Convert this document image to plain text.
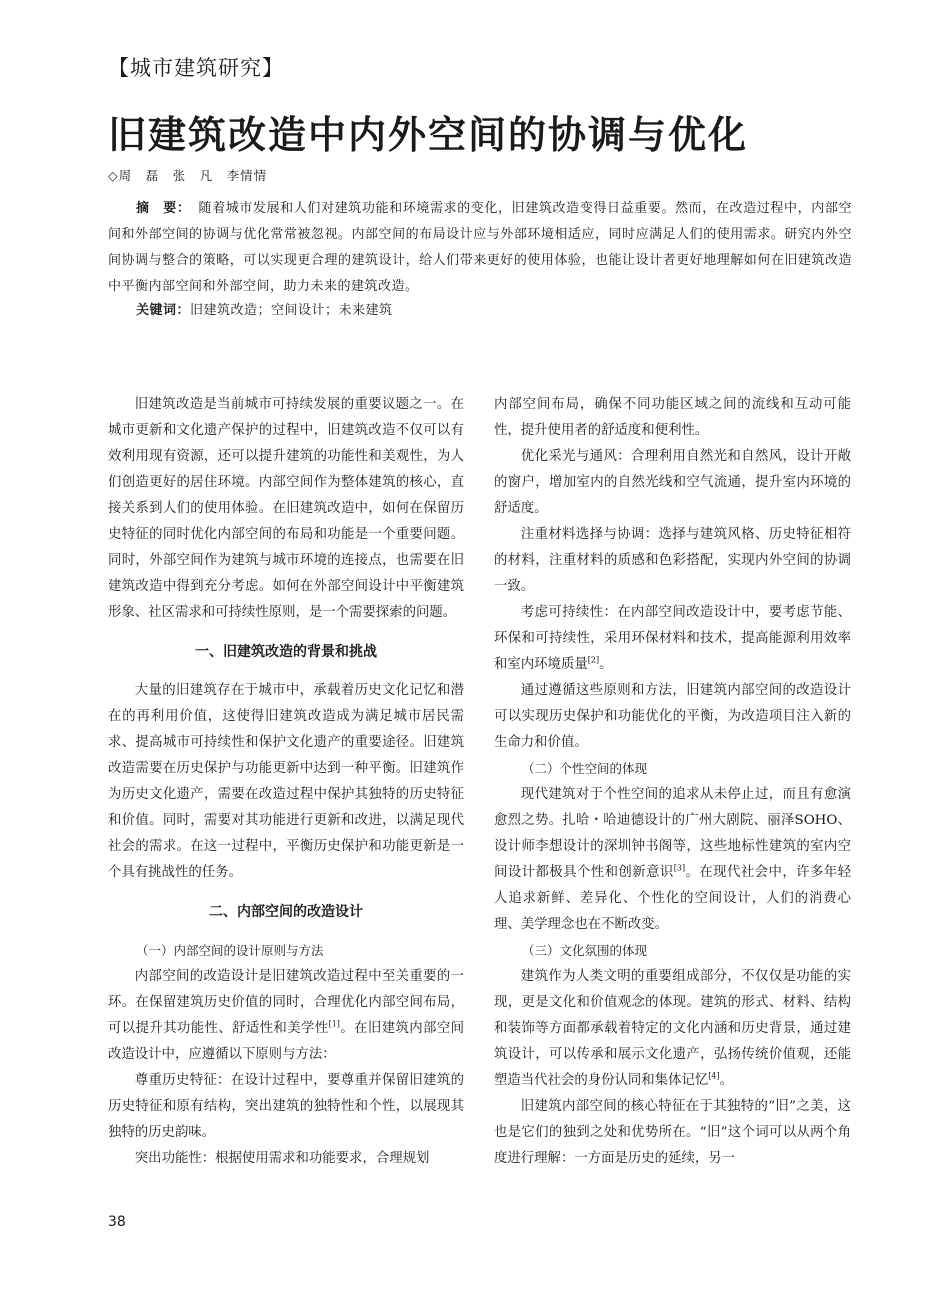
【城市建筑研究】
旧建筑改造中内外空间的协调与优化
◇周　磊　张　凡　李情情

摘　要： 随着城市发展和人们对建筑功能和环境需求的变化，旧建筑改造变得日益重要。然而，在改造过程中，内部空间和外部空间的协调与优化常常被忽视。内部空间的布局设计应与外部环境相适应，同时应满足人们的使用需求。研究内外空间协调与整合的策略，可以实现更合理的建筑设计，给人们带来更好的使用体验，也能让设计者更好地理解如何在旧建筑改造中平衡内部空间和外部空间，助力未来的建筑改造。

关键词：旧建筑改造；空间设计；未来建筑

旧建筑改造是当前城市可持续发展的重要议题之一。在城市更新和文化遗产保护的过程中，旧建筑改造不仅可以有效利用现有资源，还可以提升建筑的功能性和美观性，为人们创造更好的居住环境。内部空间作为整体建筑的核心，直接关系到人们的使用体验。在旧建筑改造中，如何在保留历史特征的同时优化内部空间的布局和功能是一个重要问题。同时，外部空间作为建筑与城市环境的连接点，也需要在旧建筑改造中得到充分考虑。如何在外部空间设计中平衡建筑形象、社区需求和可持续性原则，是一个需要探索的问题。

一、旧建筑改造的背景和挑战

大量的旧建筑存在于城市中，承载着历史文化记忆和潜在的再利用价值，这使得旧建筑改造成为满足城市居民需求、提高城市可持续性和保护文化遗产的重要途径。旧建筑改造需要在历史保护与功能更新中达到一种平衡。旧建筑作为历史文化遗产，需要在改造过程中保护其独特的历史特征和价值。同时，需要对其功能进行更新和改进，以满足现代社会的需求。在这一过程中，平衡历史保护和功能更新是一个具有挑战性的任务。

二、内部空间的改造设计
（一）内部空间的设计原则与方法

内部空间的改造设计是旧建筑改造过程中至关重要的一环。在保留建筑历史价值的同时，合理优化内部空间布局，可以提升其功能性、舒适性和美学性[1]。在旧建筑内部空间改造设计中，应遵循以下原则与方法：

尊重历史特征：在设计过程中，要尊重并保留旧建筑的历史特征和原有结构，突出建筑的独特性和个性，以展现其独特的历史韵味。

突出功能性：根据使用需求和功能要求，合理规划

内部空间布局，确保不同功能区域之间的流线和互动可能性，提升使用者的舒适度和便利性。

优化采光与通风：合理利用自然光和自然风，设计开敞的窗户，增加室内的自然光线和空气流通，提升室内环境的舒适度。

注重材料选择与协调：选择与建筑风格、历史特征相符的材料，注重材料的质感和色彩搭配，实现内外空间的协调一致。

考虑可持续性：在内部空间改造设计中，要考虑节能、环保和可持续性，采用环保材料和技术，提高能源利用效率和室内环境质量[2]。

通过遵循这些原则和方法，旧建筑内部空间的改造设计可以实现历史保护和功能优化的平衡，为改造项目注入新的生命力和价值。

（二）个性空间的体现

现代建筑对于个性空间的追求从未停止过，而且有愈演愈烈之势。扎哈・哈迪德设计的广州大剧院、丽泽SOHO、设计师李想设计的深圳钟书阁等，这些地标性建筑的室内空间设计都极具个性和创新意识[3]。在现代社会中，许多年轻人追求新鲜、差异化、个性化的空间设计，人们的消费心理、美学理念也在不断改变。

（三）文化氛围的体现

建筑作为人类文明的重要组成部分，不仅仅是功能的实现，更是文化和价值观念的体现。建筑的形式、材料、结构和装饰等方面都承载着特定的文化内涵和历史背景，通过建筑设计，可以传承和展示文化遗产，弘扬传统价值观，还能塑造当代社会的身份认同和集体记忆[4]。

旧建筑内部空间的核心特征在于其独特的“旧”之美，这也是它们的独到之处和优势所在。“旧”这个词可以从两个角度进行理解：一方面是历史的延续，另一

38
